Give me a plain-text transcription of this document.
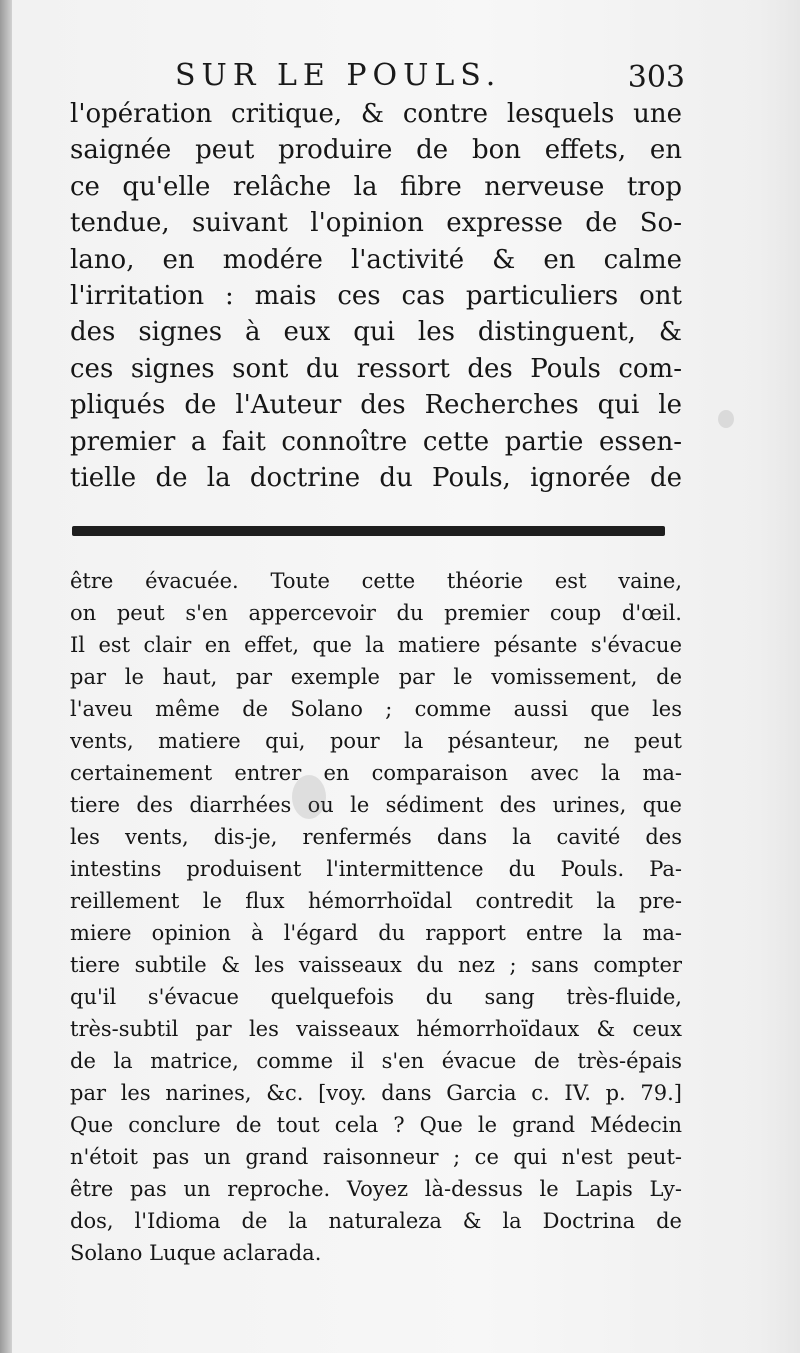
SUR LE POULS.	303
l'opération critique, & contre lesquels une
saignée peut produire de bon effets, en
ce qu'elle relâche la fibre nerveuse trop
tendue, suivant l'opinion expresse de So-
lano, en modére l'activité & en calme
l'irritation : mais ces cas particuliers ont
des signes à eux qui les distinguent, &
ces signes sont du ressort des Pouls com-
pliqués de l'Auteur des Recherches qui le
premier a fait connoître cette partie essen-
tielle de la doctrine du Pouls, ignorée de
être évacuée. Toute cette théorie est vaine,
on peut s'en appercevoir du premier coup d'œil.
Il est clair en effet, que la matiere pésante s'évacue
par le haut, par exemple par le vomissement, de
l'aveu même de Solano ; comme aussi que les
vents, matiere qui, pour la pésanteur, ne peut
certainement entrer en comparaison avec la ma-
tiere des diarrhées ou le sédiment des urines, que
les vents, dis-je, renfermés dans la cavité des
intestins produisent l'intermittence du Pouls. Pa-
reillement le flux hémorrhoïdal contredit la pre-
miere opinion à l'égard du rapport entre la ma-
tiere subtile & les vaisseaux du nez ; sans compter
qu'il s'évacue quelquefois du sang très-fluide,
très-subtil par les vaisseaux hémorrhoïdaux & ceux
de la matrice, comme il s'en évacue de très-épais
par les narines, &c. [voy. dans Garcia c. IV. p. 79.]
Que conclure de tout cela ? Que le grand Médecin
n'étoit pas un grand raisonneur ; ce qui n'est peut-
être pas un reproche. Voyez là-dessus le Lapis Ly-
dos, l'Idioma de la naturaleza & la Doctrina de
Solano Luque aclarada.
